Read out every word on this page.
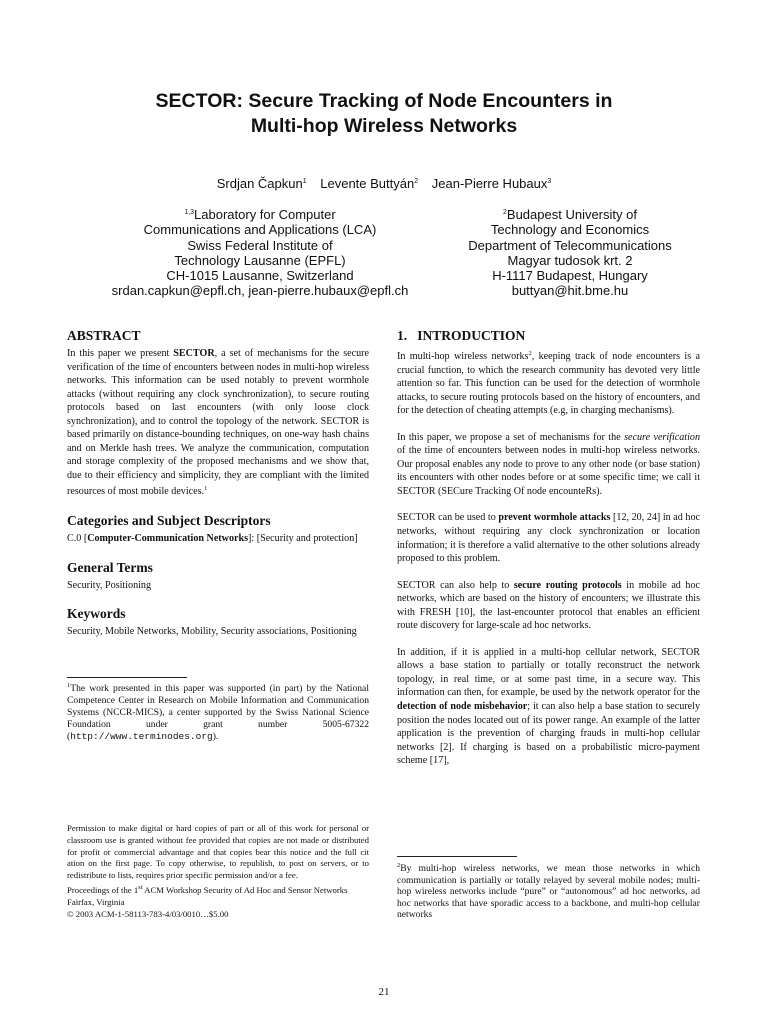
SECTOR: Secure Tracking of Node Encounters in
Multi-hop Wireless Networks
Srdjan Čapkun$^1$ Levente Buttyán$^2$ Jean-Pierre Hubaux$^3$
$^{1,3}$Laboratory for Computer
Communications and Applications (LCA)
Swiss Federal Institute of
Technology Lausanne (EPFL)
CH-1015 Lausanne, Switzerland
srdan.capkun@epfl.ch, jean-pierre.hubaux@epfl.ch
$^2$Budapest University of
Technology and Economics
Department of Telecommunications
Magyar tudosok krt. 2
H-1117 Budapest, Hungary
buttyan@hit.bme.hu
ABSTRACT

In this paper we present SECTOR, a set of mechanisms for the secure verification of the time of encounters between nodes in multi-hop wireless networks. This information can be used notably to prevent wormhole attacks (without requiring any clock synchronization), to secure routing protocols based on last encounters (with only loose clock synchronization), and to control the topology of the network. SECTOR is based primarily on distance-bounding techniques, on one-way hash chains and on Merkle hash trees. We analyze the communication, computation and storage complexity of the proposed mechanisms and we show that, due to their efficiency and simplicity, they are compliant with the limited resources of most mobile devices.$^1$

Categories and Subject Descriptors

C.0 [Computer-Communication Networks]: [Security and protection]

General Terms

Security, Positioning

Keywords

Security, Mobile Networks, Mobility, Security associations, Positioning

$^1$The work presented in this paper was supported (in part) by the National Competence Center in Research on Mobile Information and Communication Systems (NCCR-MICS), a center supported by the Swiss National Science Foundation under grant number 5005-67322 (http://www.terminodes.org).

Permission to make digital or hard copies of part or all of this work for personal or classroom use is granted without fee provided that copies are not made or distributed for profit or commercial advantage and that copies bear this notice and the full cit ation on the first page. To copy otherwise, to republish, to post on servers, or to redistribute to lists, requires prior specific permission and/or a fee.

Proceedings of the 1st ACM Workshop Security of Ad Hoc and Sensor Networks Fairfax, Virginia

© 2003 ACM-1-58113-783-4/03/0010…$5.00

1.   INTRODUCTION

In multi-hop wireless networks$^2$, keeping track of node encounters is a crucial function, to which the research community has devoted very little attention so far. This function can be used for the detection of wormhole attacks, to secure routing protocols based on the history of encounters, and for the detection of cheating attempts (e.g, in charging mechanisms).

In this paper, we propose a set of mechanisms for the secure verification of the time of encounters between nodes in multi-hop wireless networks. Our proposal enables any node to prove to any other node (or base station) its encounters with other nodes before or at some specific time; we call it SECTOR (SECure Tracking Of node encounteRs).

SECTOR can be used to prevent wormhole attacks [12, 20, 24] in ad hoc networks, without requiring any clock synchronization or location information; it is therefore a valid alternative to the other solutions already proposed to this problem.

SECTOR can also help to secure routing protocols in mobile ad hoc networks, which are based on the history of encounters; we illustrate this with FRESH [10], the last-encounter protocol that enables an efficient route discovery for large-scale ad hoc networks.

In addition, if it is applied in a multi-hop cellular network, SECTOR allows a base station to partially or totally reconstruct the network topology, in real time, or at some past time, in a secure way. This information can then, for example, be used by the network operator for the detection of node misbehavior; it can also help a base station to securely position the nodes located out of its power range. An example of the latter application is the prevention of charging frauds in multi-hop cellular networks [2]. If charging is based on a probabilistic micro-payment scheme [17],

$^2$By multi-hop wireless networks, we mean those networks in which communication is partially or totally relayed by several mobile nodes; multi-hop wireless networks include “pure” or “autonomous” ad hoc networks, ad hoc networks that have sporadic access to a backbone, and multi-hop cellular networks

21
